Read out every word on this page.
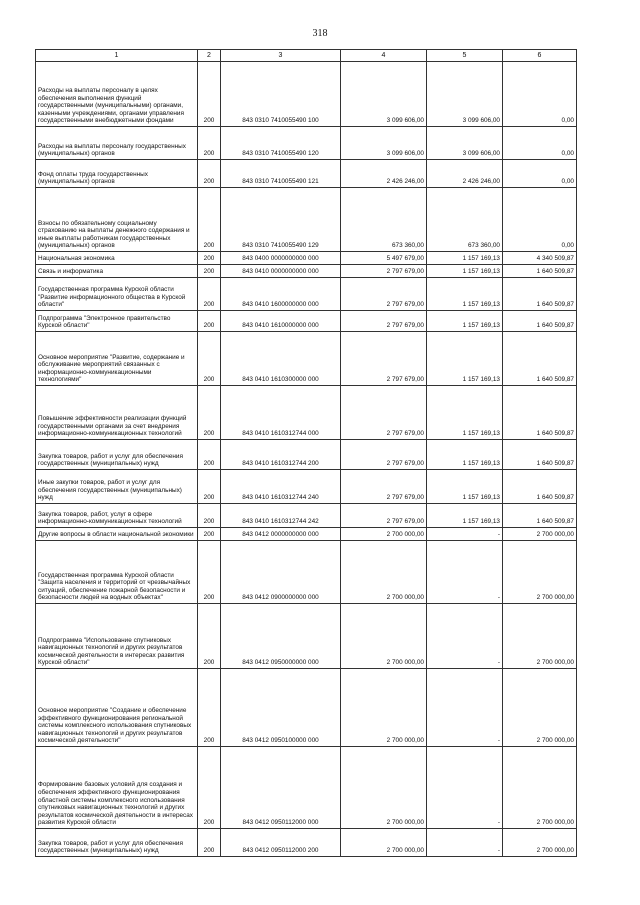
318
1	2	3	4	5	6
Расходы на выплаты персоналу в целях обеспечения выполнения функций государственными (муниципальными) органами, казенными учреждениями, органами управления государственными внебюджетными фондами	200	843 0310 7410055490 100	3 099 606,00	3 099 606,00	0,00
Расходы на выплаты персоналу государственных (муниципальных) органов	200	843 0310 7410055490 120	3 099 606,00	3 099 606,00	0,00
Фонд оплаты труда государственных (муниципальных) органов	200	843 0310 7410055490 121	2 426 246,00	2 426 246,00	0,00
Взносы по обязательному социальному страхованию на выплаты денежного содержания и иные выплаты работникам государственных (муниципальных) органов	200	843 0310 7410055490 129	673 360,00	673 360,00	0,00
Национальная экономика	200	843 0400 0000000000 000	5 497 679,00	1 157 169,13	4 340 509,87
Связь и информатика	200	843 0410 0000000000 000	2 797 679,00	1 157 169,13	1 640 509,87
Государственная программа Курской области "Развитие информационного общества в Курской области"	200	843 0410 1600000000 000	2 797 679,00	1 157 169,13	1 640 509,87
Подпрограмма "Электронное правительство Курской области"	200	843 0410 1610000000 000	2 797 679,00	1 157 169,13	1 640 509,87
Основное мероприятие "Развитие, содержание и обслуживание мероприятий связанных с информационно-коммуникационными технологиями"	200	843 0410 1610300000 000	2 797 679,00	1 157 169,13	1 640 509,87
Повышение эффективности реализации функций государственными органами за счет внедрения информационно-коммуникационных технологий	200	843 0410 1610312744 000	2 797 679,00	1 157 169,13	1 640 509,87
Закупка товаров, работ и услуг для обеспечения государственных (муниципальных) нужд	200	843 0410 1610312744 200	2 797 679,00	1 157 169,13	1 640 509,87
Иные закупки товаров, работ и услуг для обеспечения государственных (муниципальных) нужд	200	843 0410 1610312744 240	2 797 679,00	1 157 169,13	1 640 509,87
Закупка товаров, работ, услуг в сфере информационно-коммуникационных технологий	200	843 0410 1610312744 242	2 797 679,00	1 157 169,13	1 640 509,87
Другие вопросы в области национальной экономики	200	843 0412 0000000000 000	2 700 000,00	-	2 700 000,00
Государственная программа Курской области "Защита населения и территорий от чрезвычайных ситуаций, обеспечение пожарной безопасности и безопасности людей на водных объектах"	200	843 0412 0900000000 000	2 700 000,00	-	2 700 000,00
Подпрограмма "Использование спутниковых навигационных технологий и других результатов космической деятельности в интересах развития Курской области"	200	843 0412 0950000000 000	2 700 000,00	-	2 700 000,00
Основное мероприятие "Создание и обеспечение эффективного функционирования региональной системы комплексного использования спутниковых навигационных технологий и других результатов космической деятельности"	200	843 0412 0950100000 000	2 700 000,00	-	2 700 000,00
Формирование базовых условий для создания и обеспечения эффективного функционирования областной системы комплексного использования спутниковых навигационных технологий и других результатов космической деятельности в интересах развития Курской области	200	843 0412 0950112000 000	2 700 000,00	-	2 700 000,00
Закупка товаров, работ и услуг для обеспечения государственных (муниципальных) нужд	200	843 0412 0950112000 200	2 700 000,00	-	2 700 000,00
